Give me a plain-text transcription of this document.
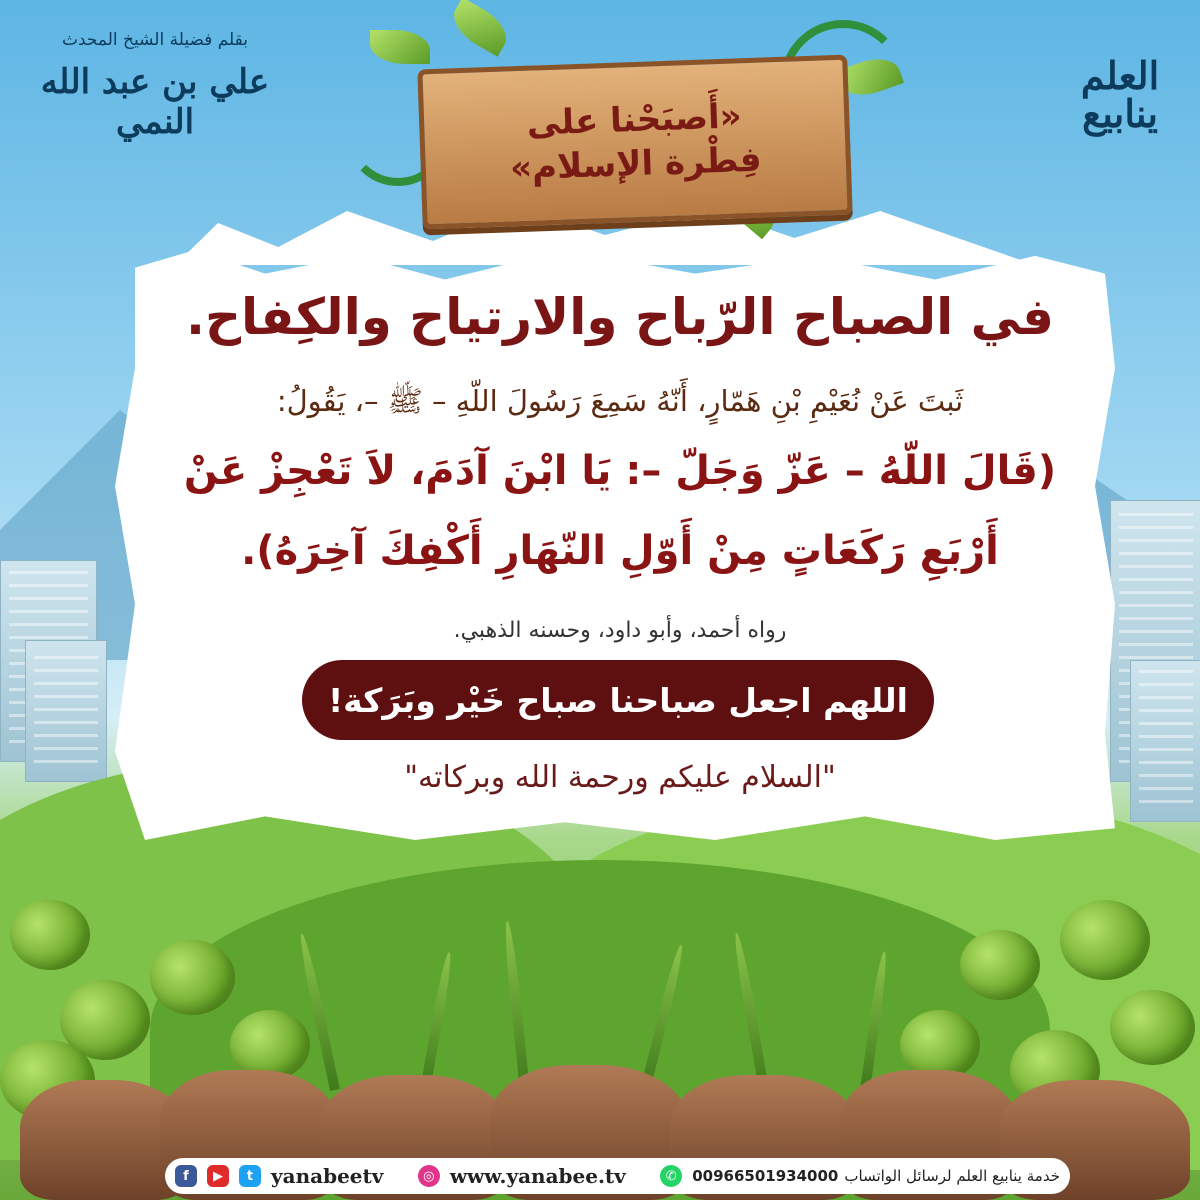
«أَصبَحْنا على
فِطْرة الإسلام»
بقلم فضيلة الشيخ المحدث
علي بن عبد الله النمي
العلم
ينابيع
في الصباح الرّباح والارتياح والكِفاح.
ثَبتَ عَنْ نُعَيْمِ بْنِ هَمّارٍ، أَنّهُ سَمِعَ رَسُولَ اللّهِ – ﷺ –، يَقُولُ:
(قَالَ اللّهُ – عَزّ وَجَلّ –: يَا ابْنَ آدَمَ، لاَ تَعْجِزْ عَنْ
أَرْبَعِ رَكَعَاتٍ مِنْ أَوّلِ النّهَارِ أَكْفِكَ آخِرَهُ).
رواه أحمد، وأبو داود، وحسنه الذهبي.
اللهم اجعل صباحنا صباح خَيْر وبَرَكة!
"السلام عليكم ورحمة الله وبركاته"
f	▶	t yanabeetv	◎ www.yanabee.tv	✆	00966501934000 خدمة ينابيع العلم لرسائل الواتساب
